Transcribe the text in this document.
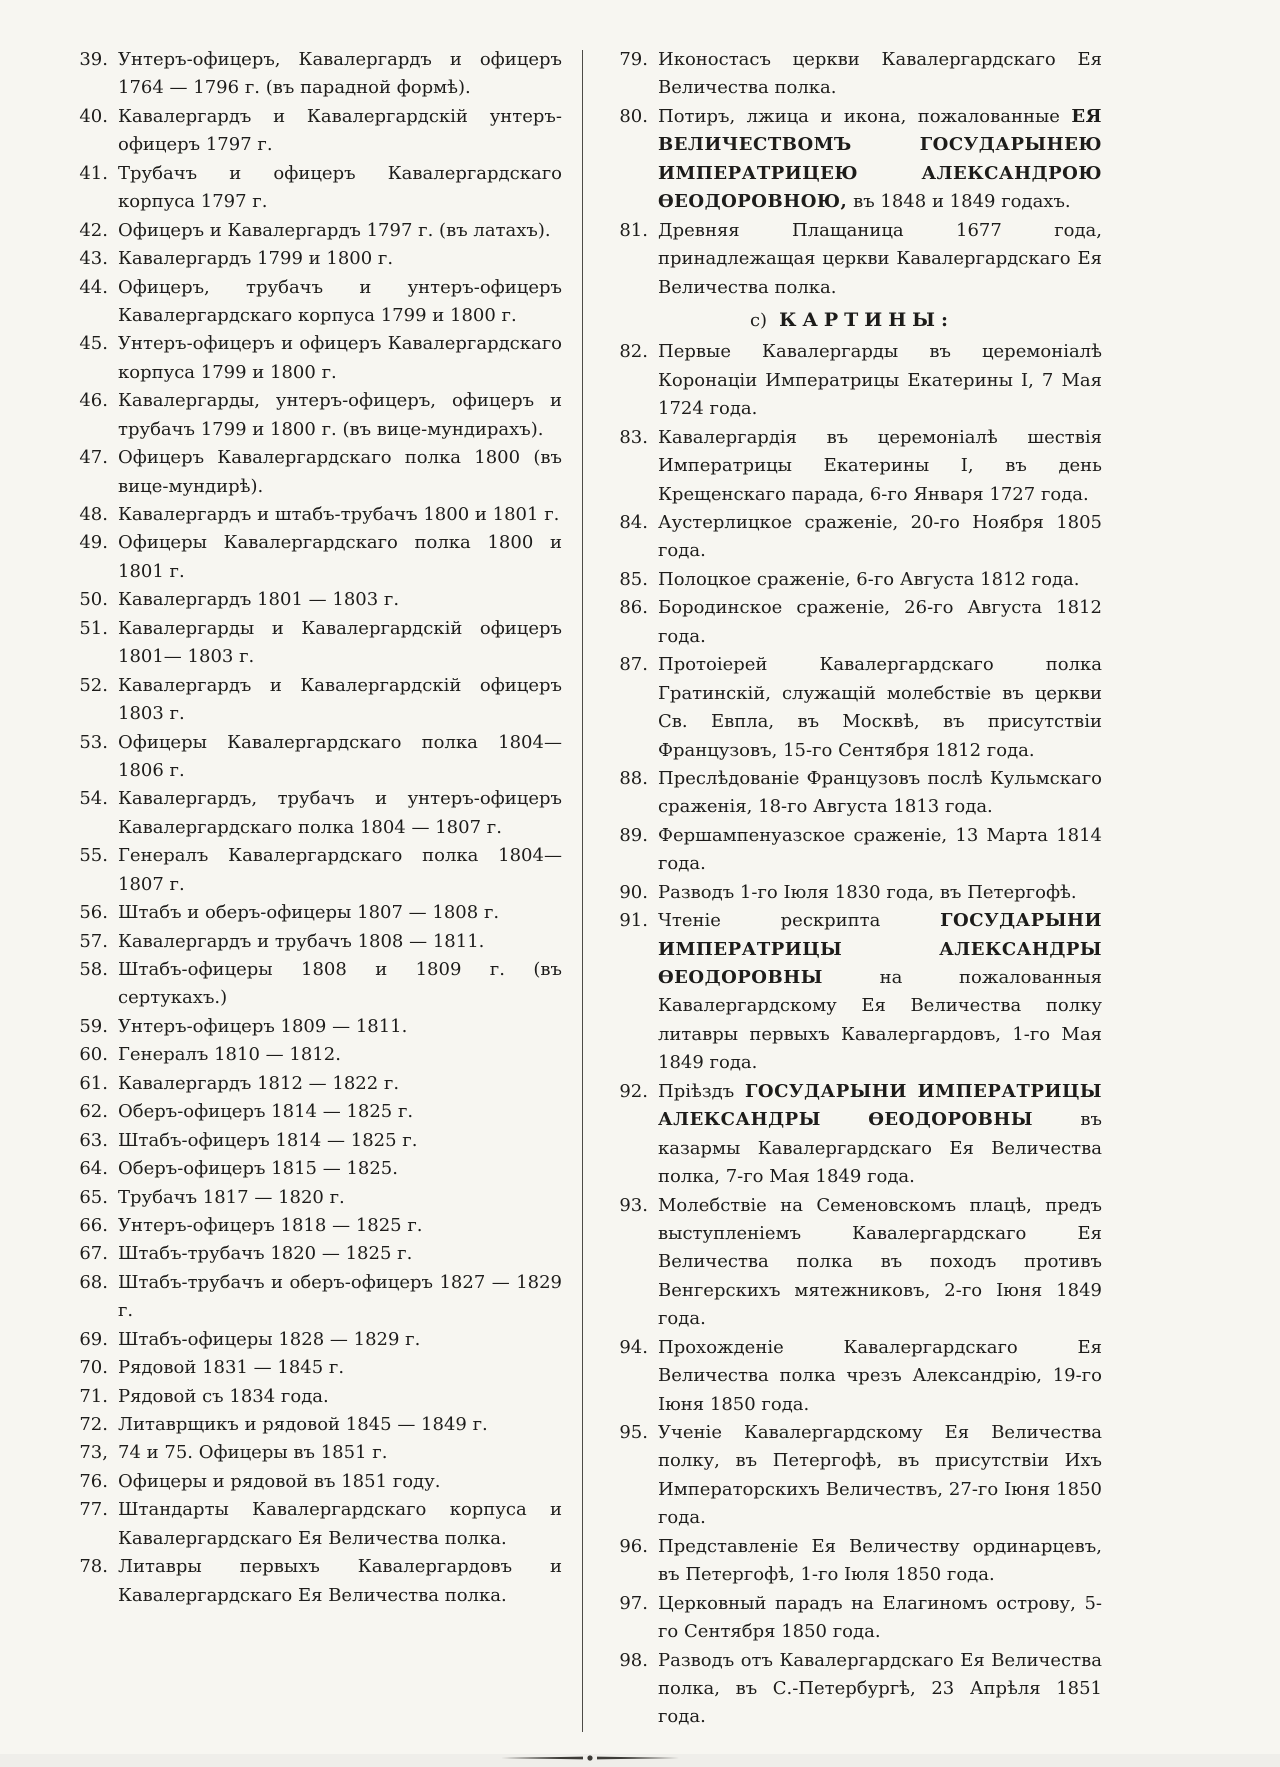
39. Унтеръ-офицеръ, Кавалергардъ и офицеръ 1764 — 1796 г. (въ парадной формѣ).
40. Кавалергардъ и Кавалергардскій унтеръ-офицеръ 1797 г.
41. Трубачъ и офицеръ Кавалергардскаго корпуса 1797 г.
42. Офицеръ и Кавалергардъ 1797 г. (въ латахъ).
43. Кавалергардъ 1799 и 1800 г.
44. Офицеръ, трубачъ и унтеръ-офицеръ Кавалергардскаго корпуса 1799 и 1800 г.
45. Унтеръ-офицеръ и офицеръ Кавалергардскаго корпуса 1799 и 1800 г.
46. Кавалергарды, унтеръ-офицеръ, офицеръ и трубачъ 1799 и 1800 г. (въ вице-мундирахъ).
47. Офицеръ Кавалергардскаго полка 1800 (въ вице-мундирѣ).
48. Кавалергардъ и штабъ-трубачъ 1800 и 1801 г.
49. Офицеры Кавалергардскаго полка 1800 и 1801 г.
50. Кавалергардъ 1801 — 1803 г.
51. Кавалергарды и Кавалергардскій офицеръ 1801— 1803 г.
52. Кавалергардъ и Кавалергардскій офицеръ 1803 г.
53. Офицеры Кавалергардскаго полка 1804—1806 г.
54. Кавалергардъ, трубачъ и унтеръ-офицеръ Кавалергардскаго полка 1804 — 1807 г.
55. Генералъ Кавалергардскаго полка 1804—1807 г.
56. Штабъ и оберъ-офицеры 1807 — 1808 г.
57. Кавалергардъ и трубачъ 1808 — 1811.
58. Штабъ-офицеры 1808 и 1809 г. (въ сертукахъ.)
59. Унтеръ-офицеръ 1809 — 1811.
60. Генералъ 1810 — 1812.
61. Кавалергардъ 1812 — 1822 г.
62. Оберъ-офицеръ 1814 — 1825 г.
63. Штабъ-офицеръ 1814 — 1825 г.
64. Оберъ-офицеръ 1815 — 1825.
65. Трубачъ 1817 — 1820 г.
66. Унтеръ-офицеръ 1818 — 1825 г.
67. Штабъ-трубачъ 1820 — 1825 г.
68. Штабъ-трубачъ и оберъ-офицеръ 1827 — 1829 г.
69. Штабъ-офицеры 1828 — 1829 г.
70. Рядовой 1831 — 1845 г.
71. Рядовой съ 1834 года.
72. Литаврщикъ и рядовой 1845 — 1849 г.
73, 74 и 75. Офицеры въ 1851 г.
76. Офицеры и рядовой въ 1851 году.
77. Штандарты Кавалергардскаго корпуса и Кавалергардскаго Ея Величества полка.
78. Литавры первыхъ Кавалергардовъ и Кавалергардскаго Ея Величества полка.
79. Иконостасъ церкви Кавалергардскаго Ея Величества полка.
80. Потиръ, лжица и икона, пожалованные ЕЯ ВЕЛИЧЕСТВОМЪ	ГОСУДАРЫНЕЮ ИМПЕРАТРИЦЕЮ	АЛЕКСАНДРОЮ ѲЕОДОРОВНОЮ, въ 1848 и 1849 годахъ.
81. Древняя	Плащаница	1677	года, принадлежащая церкви Кавалергардскаго Ея Величества полка.
с) КАРТИНЫ:
82. Первые Кавалергарды въ церемоніалѣ Коронаціи Императрицы Екатерины I, 7 Мая 1724 года.
83. Кавалергардія въ церемоніалѣ шествія Императрицы Екатерины I, въ день Крещенскаго парада, 6-го Января 1727 года.
84. Аустерлицкое сраженіе, 20-го Ноября 1805 года.
85. Полоцкое сраженіе, 6-го Августа 1812 года.
86. Бородинское сраженіе, 26-го Августа 1812 года.
87. Протоіерей	Кавалергардскаго	полка Гратинскій, служащій молебствіе въ церкви Св. Евпла, въ Москвѣ, въ присутствіи Французовъ, 15-го Сентября 1812 года.
88. Преслѣдованіе Французовъ послѣ Кульмскаго сраженія, 18-го Августа 1813 года.
89. Фершампенуазское сраженіе, 13 Марта 1814 года.
90. Разводъ 1-го Іюля 1830 года, въ Петергофѣ.
91. Чтеніе	рескрипта	ГОСУДАРЫНИ ИМПЕРАТРИЦЫ	АЛЕКСАНДРЫ ѲЕОДОРОВНЫ	на	пожалованныя Кавалергардскому Ея Величества полку литавры первыхъ Кавалергардовъ, 1-го Мая 1849 года.
92. Пріѣздъ ГОСУДАРЫНИ ИМПЕРАТРИЦЫ АЛЕКСАНДРЫ	ѲЕОДОРОВНЫ	въ казармы Кавалергардскаго Ея Величества полка, 7-го Мая 1849 года.
93. Молебствіе на Семеновскомъ плацѣ, предъ выступленіемъ	Кавалергардскаго	Ея Величества полка въ походъ противъ Венгерскихъ мятежниковъ, 2-го Іюня 1849 года.
94. Прохожденіе	Кавалергардскаго	Ея Величества полка чрезъ Александрію, 19-го Іюня 1850 года.
95. Ученіе Кавалергардскому Ея Величества полку, въ Петергофѣ, въ присутствіи Ихъ Императорскихъ Величествъ, 27-го Іюня 1850 года.
96. Представленіе Ея Величеству ординарцевъ, въ Петергофѣ, 1-го Іюля 1850 года.
97. Церковный парадъ на Елагиномъ острову, 5-го Сентября 1850 года.
98. Разводъ отъ Кавалергардскаго Ея Величества полка, въ С.-Петербургѣ, 23 Апрѣля 1851 года.
